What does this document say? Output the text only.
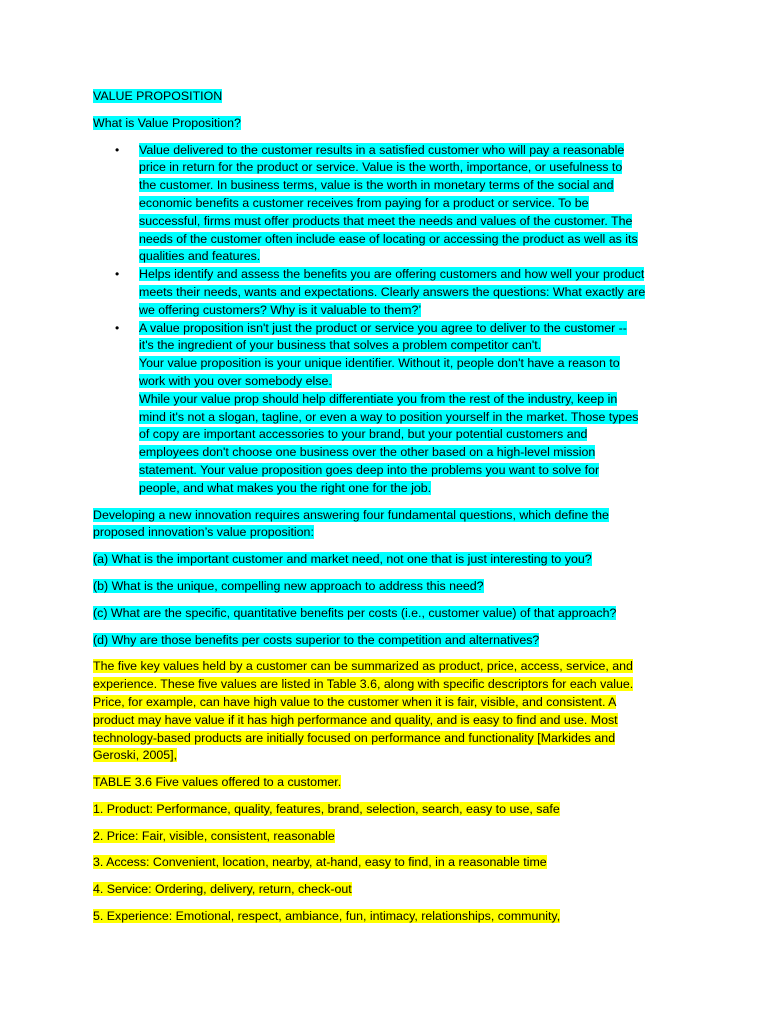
VALUE PROPOSITION

What is Value Proposition?

• Value delivered to the customer results in a satisfied customer who will pay a reasonable
price in return for the product or service. Value is the worth, importance, or usefulness to
the customer. In business terms, value is the worth in monetary terms of the social and
economic benefits a customer receives from paying for a product or service. To be
successful, firms must offer products that meet the needs and values of the customer. The
needs of the customer often include ease of locating or accessing the product as well as its
qualities and features.
• Helps identify and assess the benefits you are offering customers and how well your product
meets their needs, wants and expectations. Clearly answers the questions: What exactly are
we offering customers? Why is it valuable to them?’
• A value proposition isn't just the product or service you agree to deliver to the customer --
it's the ingredient of your business that solves a problem competitor can't.
Your value proposition is your unique identifier. Without it, people don't have a reason to
work with you over somebody else.
While your value prop should help differentiate you from the rest of the industry, keep in
mind it's not a slogan, tagline, or even a way to position yourself in the market. Those types
of copy are important accessories to your brand, but your potential customers and
employees don't choose one business over the other based on a high-level mission
statement. Your value proposition goes deep into the problems you want to solve for
people, and what makes you the right one for the job.

Developing a new innovation requires answering four fundamental questions, which define the
proposed innovation’s value proposition:

(a) What is the important customer and market need, not one that is just interesting to you?

(b) What is the unique, compelling new approach to address this need?

(c) What are the specific, quantitative benefits per costs (i.e., customer value) of that approach?

(d) Why are those benefits per costs superior to the competition and alternatives?

The five key values held by a customer can be summarized as product, price, access, service, and
experience. These five values are listed in Table 3.6, along with specific descriptors for each value.
Price, for example, can have high value to the customer when it is fair, visible, and consistent. A
product may have value if it has high performance and quality, and is easy to find and use. Most
technology-based products are initially focused on performance and functionality [Markides and
Geroski, 2005],

TABLE 3.6 Five values offered to a customer.

1. Product: Performance, quality, features, brand, selection, search, easy to use, safe

2. Price: Fair, visible, consistent, reasonable

3. Access: Convenient, location, nearby, at-hand, easy to find, in a reasonable time

4. Service: Ordering, delivery, return, check-out

5. Experience: Emotional, respect, ambiance, fun, intimacy, relationships, community,
